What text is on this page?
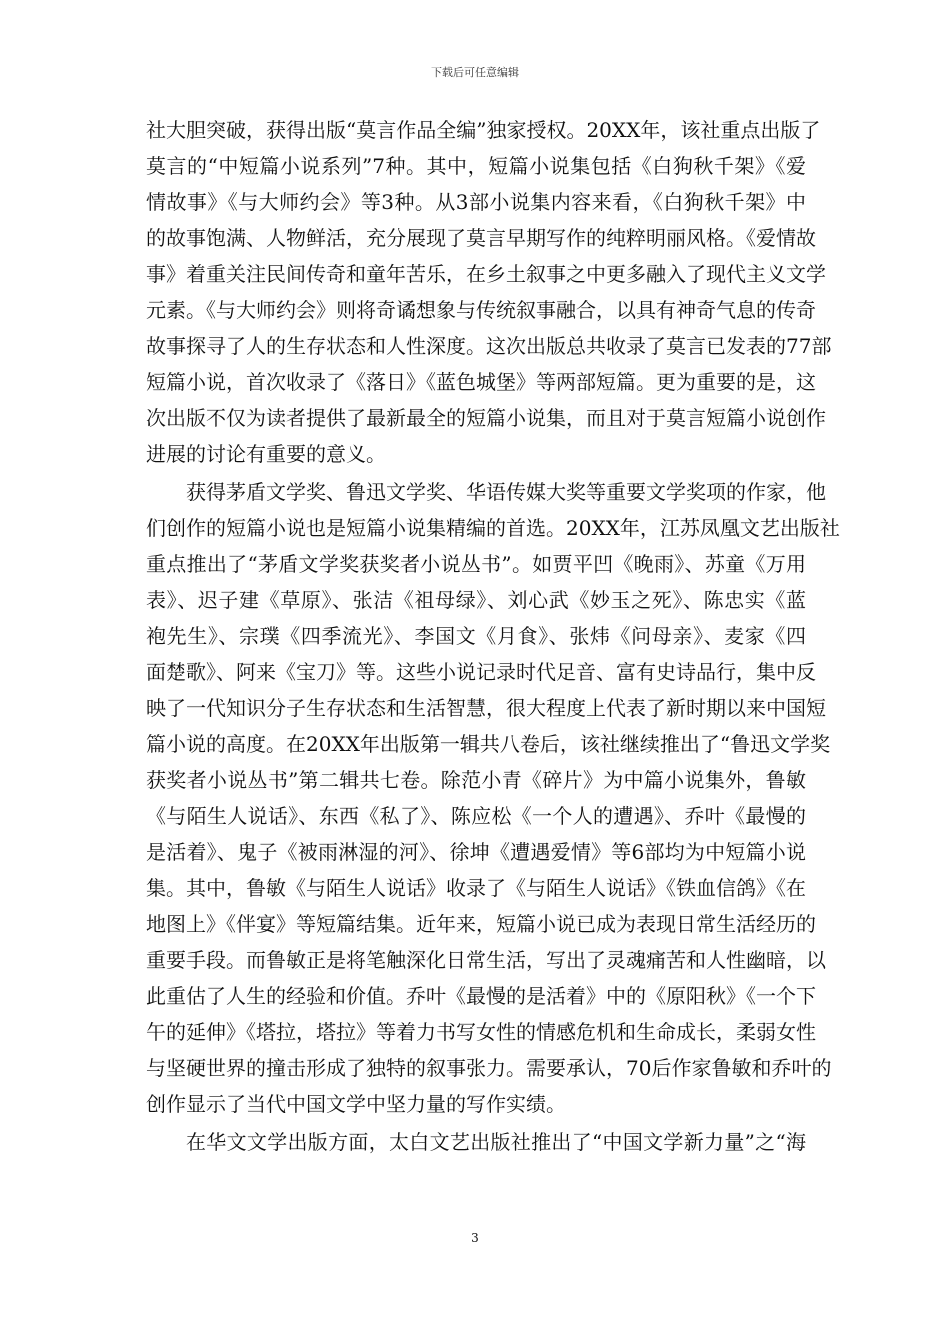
下载后可任意编辑
社大胆突破，获得出版“莫言作品全编”独家授权。20XX年，该社重点出版了
莫言的“中短篇小说系列”7种。其中，短篇小说集包括《白狗秋千架》《爱
情故事》《与大师约会》等3种。从3部小说集内容来看，《白狗秋千架》中
的故事饱满、人物鲜活，充分展现了莫言早期写作的纯粹明丽风格。《爱情故
事》着重关注民间传奇和童年苦乐，在乡土叙事之中更多融入了现代主义文学
元素。《与大师约会》则将奇谲想象与传统叙事融合，以具有神奇气息的传奇
故事探寻了人的生存状态和人性深度。这次出版总共收录了莫言已发表的77部
短篇小说，首次收录了《落日》《蓝色城堡》等两部短篇。更为重要的是，这
次出版不仅为读者提供了最新最全的短篇小说集，而且对于莫言短篇小说创作
进展的讨论有重要的意义。
获得茅盾文学奖、鲁迅文学奖、华语传媒大奖等重要文学奖项的作家，他
们创作的短篇小说也是短篇小说集精编的首选。20XX年，江苏凤凰文艺出版社
重点推出了“茅盾文学奖获奖者小说丛书”。如贾平凹《晚雨》、苏童《万用
表》、迟子建《草原》、张洁《祖母绿》、刘心武《妙玉之死》、陈忠实《蓝
袍先生》、宗璞《四季流光》、李国文《月食》、张炜《问母亲》、麦家《四
面楚歌》、阿来《宝刀》等。这些小说记录时代足音、富有史诗品行，集中反
映了一代知识分子生存状态和生活智慧，很大程度上代表了新时期以来中国短
篇小说的高度。在20XX年出版第一辑共八卷后，该社继续推出了“鲁迅文学奖
获奖者小说丛书”第二辑共七卷。除范小青《碎片》为中篇小说集外，鲁敏
《与陌生人说话》、东西《私了》、陈应松《一个人的遭遇》、乔叶《最慢的
是活着》、鬼子《被雨淋湿的河》、徐坤《遭遇爱情》等6部均为中短篇小说
集。其中，鲁敏《与陌生人说话》收录了《与陌生人说话》《铁血信鸽》《在
地图上》《伴宴》等短篇结集。近年来，短篇小说已成为表现日常生活经历的
重要手段。而鲁敏正是将笔触深化日常生活，写出了灵魂痛苦和人性幽暗，以
此重估了人生的经验和价值。乔叶《最慢的是活着》中的《原阳秋》《一个下
午的延伸》《塔拉，塔拉》等着力书写女性的情感危机和生命成长，柔弱女性
与坚硬世界的撞击形成了独特的叙事张力。需要承认，70后作家鲁敏和乔叶的
创作显示了当代中国文学中坚力量的写作实绩。
在华文文学出版方面，太白文艺出版社推出了“中国文学新力量”之“海
3
